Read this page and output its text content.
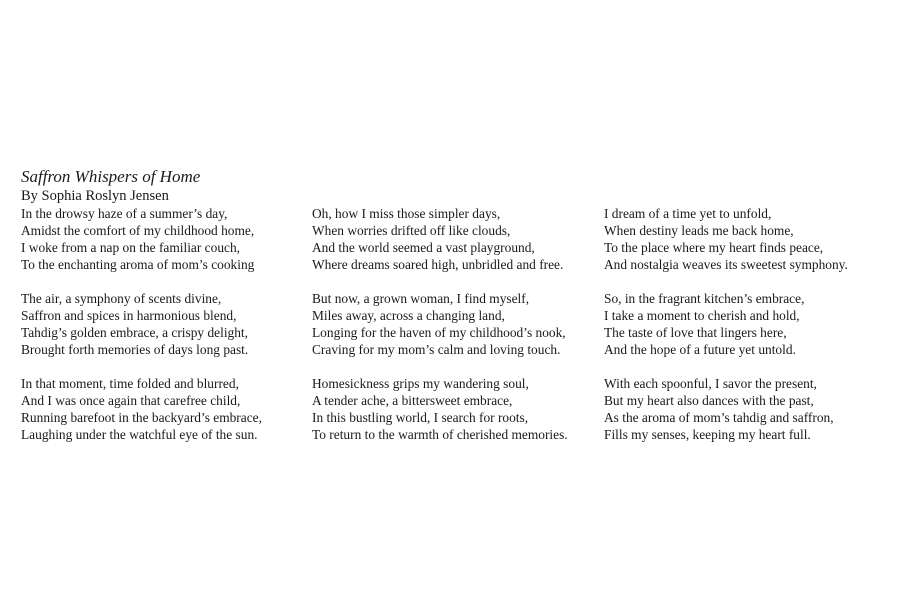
Saffron Whispers of Home
By Sophia Roslyn Jensen
In the drowsy haze of a summer’s day,
Amidst the comfort of my childhood home,
I woke from a nap on the familiar couch,
To the enchanting aroma of mom’s cooking
The air, a symphony of scents divine,
Saffron and spices in harmonious blend,
Tahdig’s golden embrace, a crispy delight,
Brought forth memories of days long past.
In that moment, time folded and blurred,
And I was once again that carefree child,
Running barefoot in the backyard’s embrace,
Laughing under the watchful eye of the sun.
Oh, how I miss those simpler days,
When worries drifted off like clouds,
And the world seemed a vast playground,
Where dreams soared high, unbridled and free.
But now, a grown woman, I find myself,
Miles away, across a changing land,
Longing for the haven of my childhood’s nook,
Craving for my mom’s calm and loving touch.
Homesickness grips my wandering soul,
A tender ache, a bittersweet embrace,
In this bustling world, I search for roots,
To return to the warmth of cherished memories.
I dream of a time yet to unfold,
When destiny leads me back home,
To the place where my heart finds peace,
And nostalgia weaves its sweetest symphony.
So, in the fragrant kitchen’s embrace,
I take a moment to cherish and hold,
The taste of love that lingers here,
And the hope of a future yet untold.
With each spoonful, I savor the present,
But my heart also dances with the past,
As the aroma of mom’s tahdig and saffron,
Fills my senses, keeping my heart full.
